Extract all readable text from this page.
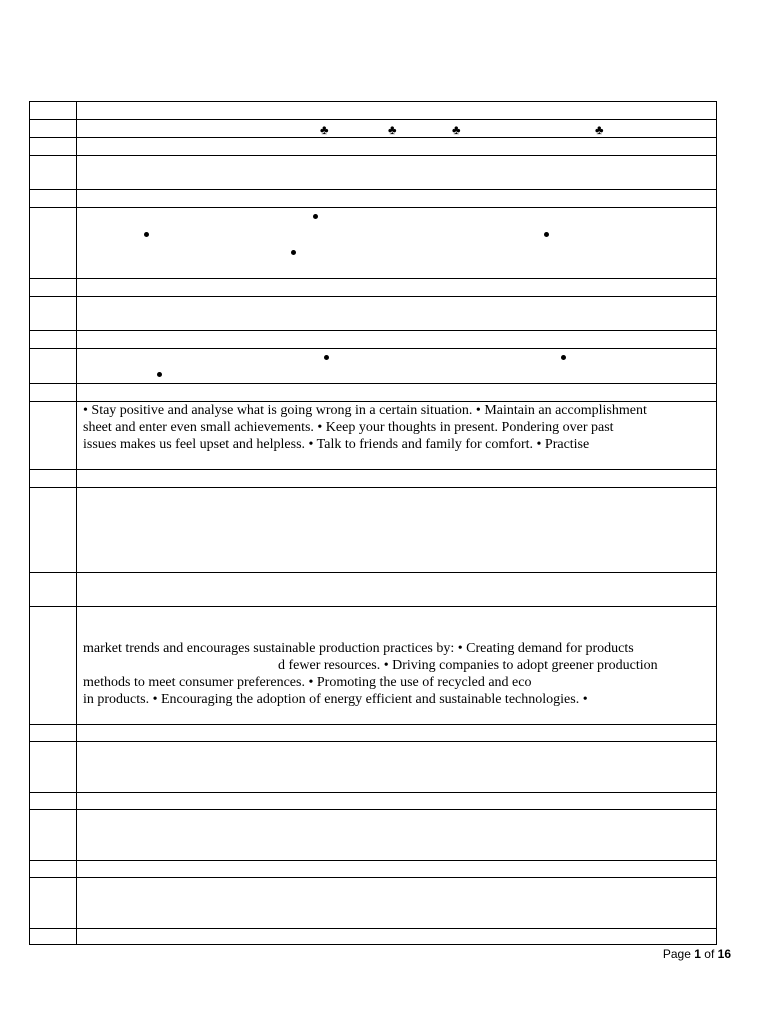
	♣ ♣ ♣ ♣

	• Stay positive and analyse what is going wrong in a certain situation. • Maintain an accomplishment
sheet and enter even small achievements. • Keep your thoughts in present. Pondering over past
issues makes us feel upset and helpless. • Talk to friends and family for comfort. • Practise

	market trends and encourages sustainable production practices by: • Creating demand for products
d fewer resources. • Driving companies to adopt greener production
methods to meet consumer preferences. • Promoting the use of recycled and eco
in products. • Encouraging the adoption of energy efficient and sustainable technologies. •

Page 1 of 16
